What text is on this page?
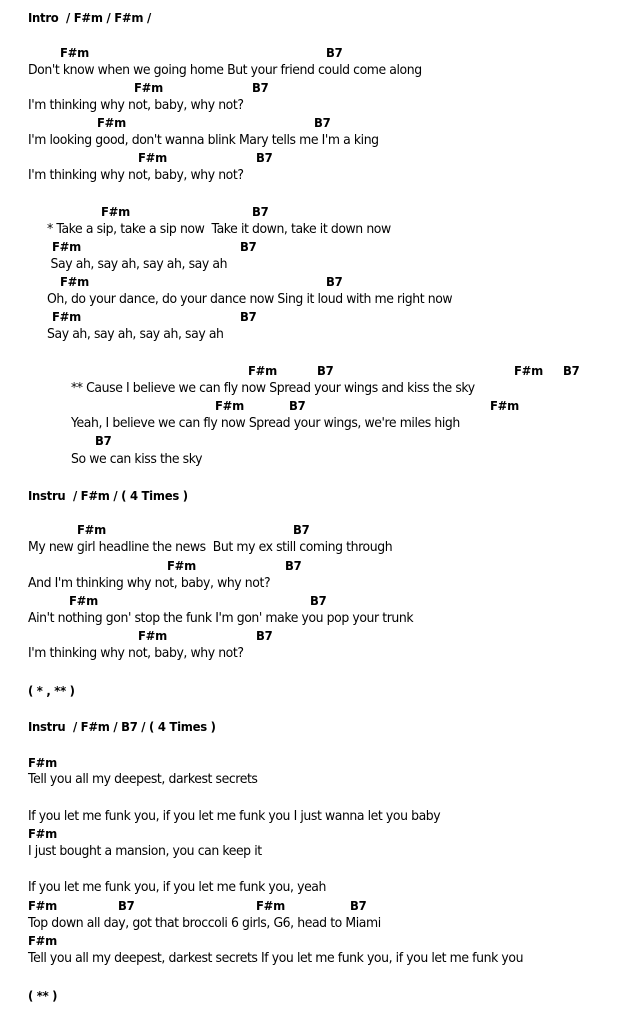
Intro  / F#m / F#m /
F#m	B7
Don't know when we going home But your friend could come along
F#m	B7
I'm thinking why not, baby, why not?
F#m	B7
I'm looking good, don't wanna blink Mary tells me I'm a king
F#m	B7
I'm thinking why not, baby, why not?
F#m	B7
* Take a sip, take a sip now  Take it down, take it down now
F#m	B7
Say ah, say ah, say ah, say ah
F#m	B7
Oh, do your dance, do your dance now Sing it loud with me right now
F#m	B7
Say ah, say ah, say ah, say ah
F#m	B7	F#m B7
** Cause I believe we can fly now Spread your wings and kiss the sky
F#m	B7	F#m
Yeah, I believe we can fly now Spread your wings, we're miles high
B7
So we can kiss the sky
Instru  / F#m / ( 4 Times )
F#m	B7
My new girl headline the news  But my ex still coming through
F#m	B7
And I'm thinking why not, baby, why not?
F#m	B7
Ain't nothing gon' stop the funk I'm gon' make you pop your trunk
F#m	B7
I'm thinking why not, baby, why not?
( * , ** )
Instru  / F#m / B7 / ( 4 Times )
F#m
Tell you all my deepest, darkest secrets
If you let me funk you, if you let me funk you I just wanna let you baby
F#m
I just bought a mansion, you can keep it
If you let me funk you, if you let me funk you, yeah
F#m	B7	F#m	B7
Top down all day, got that broccoli 6 girls, G6, head to Miami
F#m
Tell you all my deepest, darkest secrets If you let me funk you, if you let me funk you
( ** )
